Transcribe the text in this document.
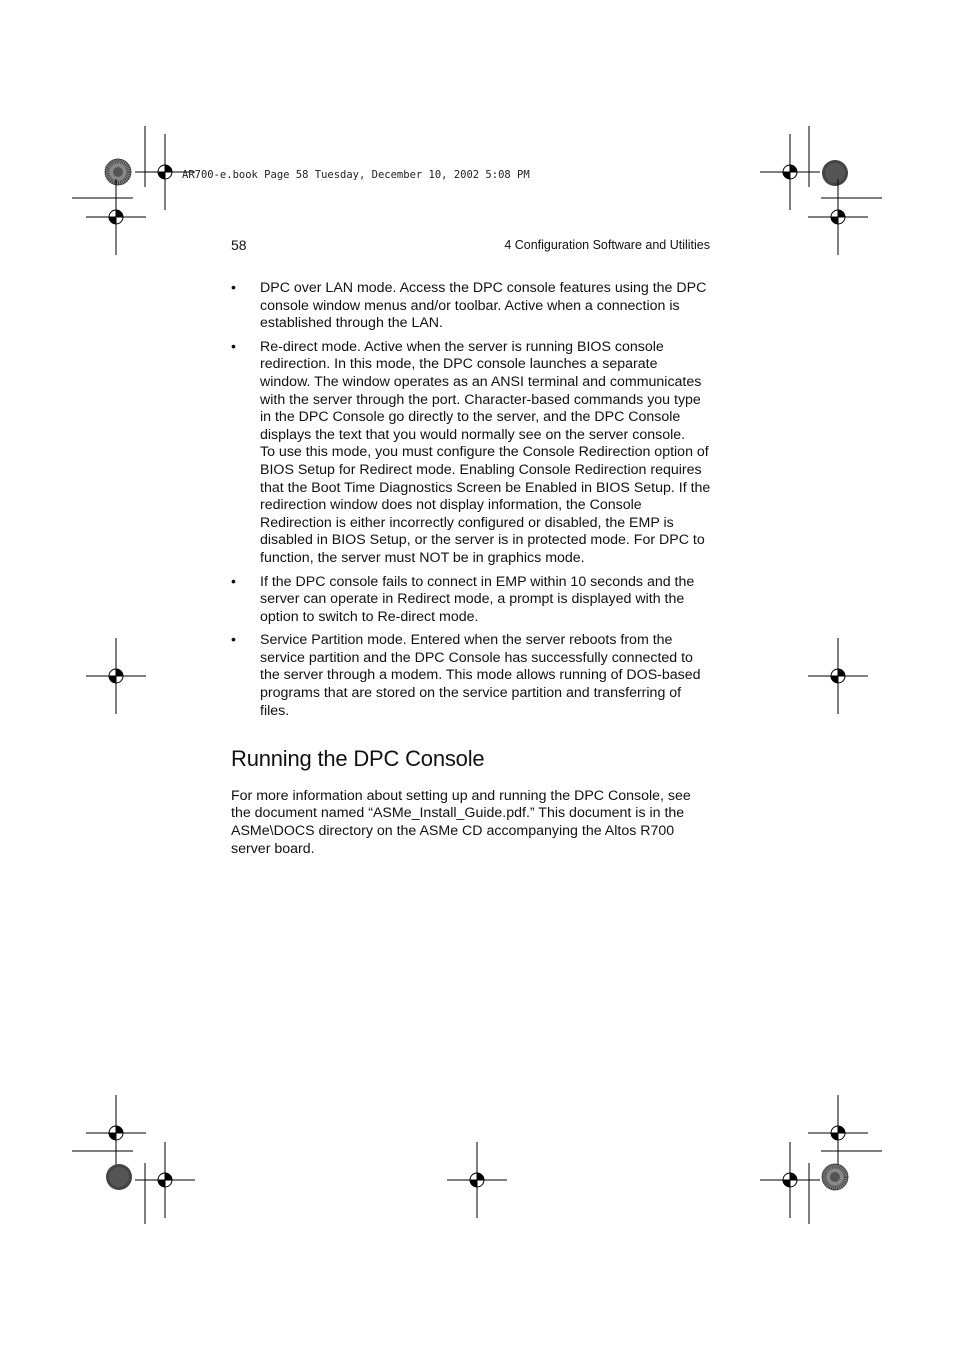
AR700-e.book Page 58 Tuesday, December 10, 2002 5:08 PM
58	4 Configuration Software and Utilities
• DPC over LAN mode. Access the DPC console features using the DPC console window menus and/or toolbar. Active when a connection is established through the LAN.

• Re-direct mode. Active when the server is running BIOS console redirection. In this mode, the DPC console launches a separate window. The window operates as an ANSI terminal and communicates with the server through the port. Character-based commands you type in the DPC Console go directly to the server, and the DPC Console displays the text that you would normally see on the server console.

To use this mode, you must configure the Console Redirection option of BIOS Setup for Redirect mode. Enabling Console Redirection requires that the Boot Time Diagnostics Screen be Enabled in BIOS Setup. If the redirection window does not display information, the Console Redirection is either incorrectly configured or disabled, the EMP is disabled in BIOS Setup, or the server is in protected mode. For DPC to function, the server must NOT be in graphics mode.

• If the DPC console fails to connect in EMP within 10 seconds and the server can operate in Redirect mode, a prompt is displayed with the option to switch to Re-direct mode.

• Service Partition mode. Entered when the server reboots from the service partition and the DPC Console has successfully connected to the server through a modem. This mode allows running of DOS-based programs that are stored on the service partition and transferring of files.

Running the DPC Console

For more information about setting up and running the DPC Console, see the document named “ASMe_Install_Guide.pdf.” This document is in the ASMe\DOCS directory on the ASMe CD accompanying the Altos R700 server board.
